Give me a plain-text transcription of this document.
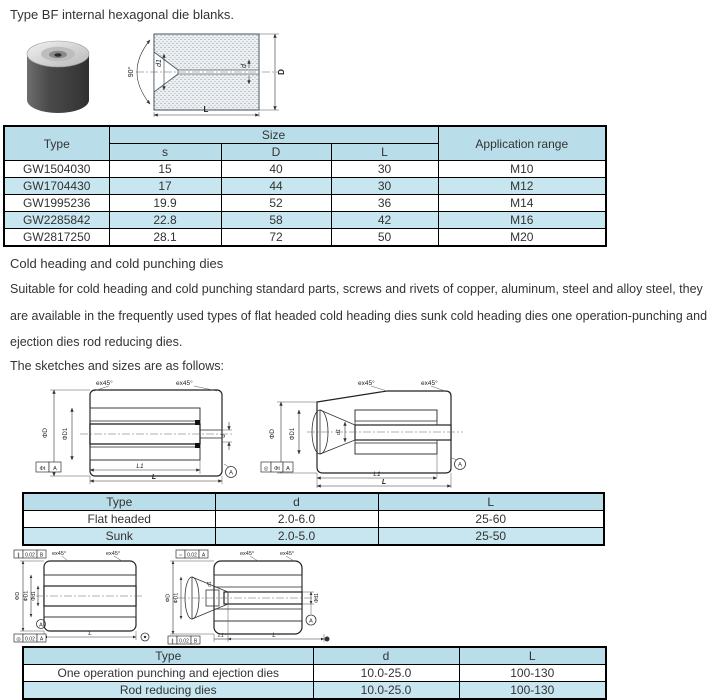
Type BF internal hexagonal die blanks.
90°
d1	d
D
L
Type	Size			Application range
	s	D	L	
GW1504030	15	40	30	M10
GW1704430	17	44	30	M12
GW1995236	19.9	52	36	M14
GW2285842	22.8	58	42	M16
GW2817250	28.1	72	50	M20
Cold heading and cold punching dies
Suitable for cold heading and cold punching standard parts, screws and rivets of copper, aluminum, steel and alloy steel, they
are available in the frequently used types of flat headed cold heading dies sunk cold heading dies one operation-punching and
ejection dies rod reducing dies.
The sketches and sizes are as follows:
Φt A
ex45°	ex45°
ΦD ΦD1	d
L1
L
A
◎ Φt A
ex45°	ex45°
ΦD ΦD1	d1
L1
L
A
Type	d	L
Flat headed	2.0-6.0	25-60
Sunk	2.0-5.0	25-50
∥ 0.02 B
◎ 0.02 A
ex45°	ex45°
ΦD ΦD1 Φd1
L
A
○ 0.02 A
∥ 0.02 B
ex45°	ex45°
ΦD ΦD1
d1
Φd1
L1	L
A
Type	d	L
One operation punching and ejection dies	10.0-25.0	100-130
Rod reducing dies	10.0-25.0	100-130
